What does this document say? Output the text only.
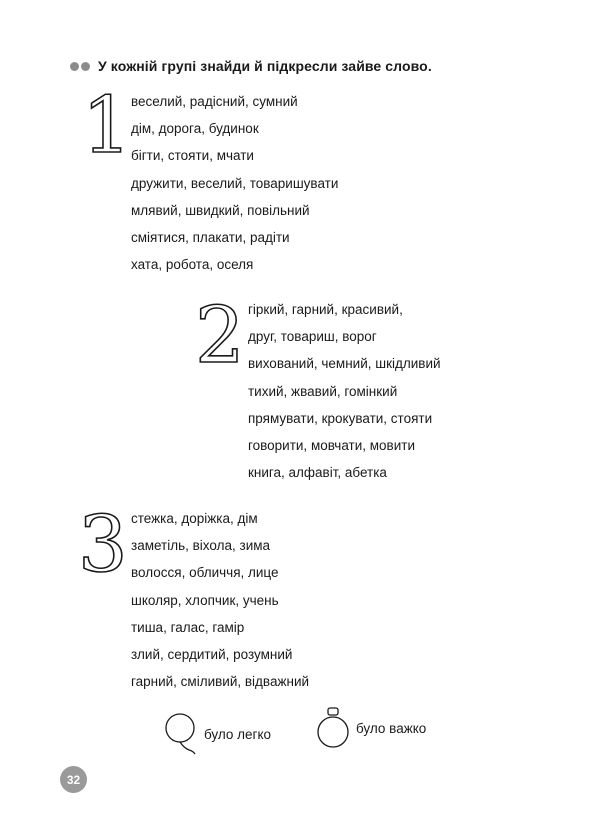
У кожній групі знайди й підкресли зайве слово.
1 веселий, радісний, сумний
дім, дорога, будинок
бігти, стояти, мчати
дружити, веселий, товаришувати
млявий, швидкий, повільний
сміятися, плакати, радіти
хата, робота, оселя
2 гіркий, гарний, красивий,
друг, товариш, ворог
вихований, чемний, шкідливий
тихий, жвавий, гомінкий
прямувати, крокувати, стояти
говорити, мовчати, мовити
книга, алфавіт, абетка
3 стежка, доріжка, дім
заметіль, віхола, зима
волосся, обличчя, лице
школяр, хлопчик, учень
тиша, галас, гамір
злий, сердитий, розумний
гарний, сміливий, відважний
було легко	було важко
32
